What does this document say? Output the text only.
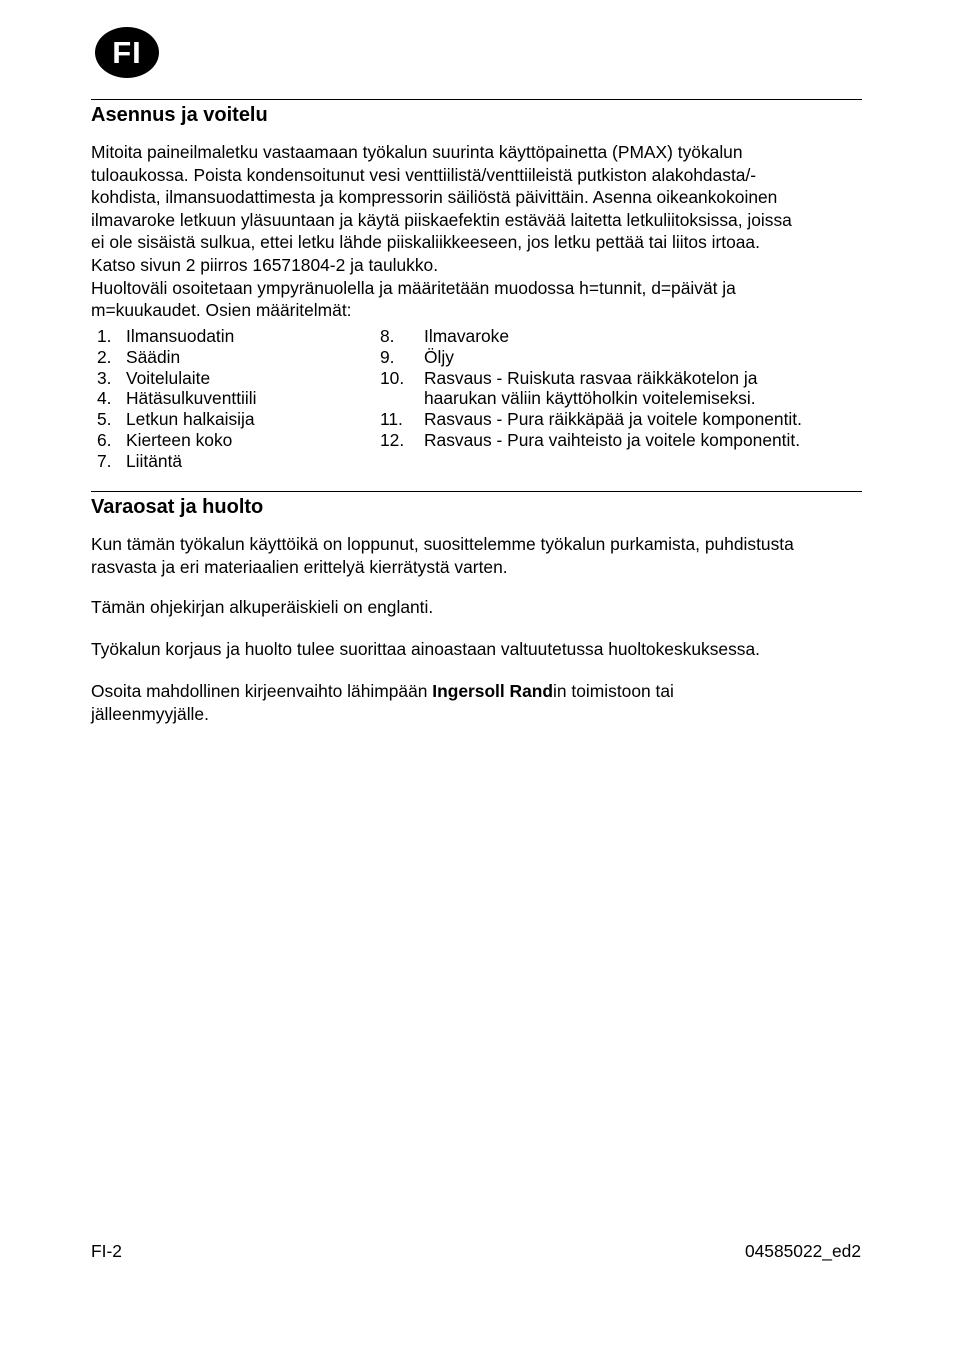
FI
Asennus ja voitelu
Mitoita paineilmaletku vastaamaan työkalun suurinta käyttöpainetta (PMAX) työkalun
tuloaukossa. Poista kondensoitunut vesi venttiilistä/venttiileistä putkiston alakohdasta/-
kohdista, ilmansuodattimesta ja kompressorin säiliöstä päivittäin. Asenna oikeankokoinen
ilmavaroke letkuun yläsuuntaan ja käytä piiskaefektin estävää laitetta letkuliitoksissa, joissa
ei ole sisäistä sulkua, ettei letku lähde piiskaliikkeeseen, jos letku pettää tai liitos irtoaa.
Katso sivun 2 piirros 16571804-2 ja taulukko.
Huoltoväli osoitetaan ympyränuolella ja määritetään muodossa h=tunnit, d=päivät ja
m=kuukaudet. Osien määritelmät:
1. Ilmansuodatin
2. Säädin
3. Voitelulaite
4. Hätäsulkuventtiili
5. Letkun halkaisija
6. Kierteen koko
7. Liitäntä
8.	Ilmavaroke
9.	Öljy
10.	Rasvaus - Ruiskuta rasvaa räikkäkotelon ja
haarukan väliin käyttöholkin voitelemiseksi.
11.	Rasvaus - Pura räikkäpää ja voitele komponentit.
12.	Rasvaus - Pura vaihteisto ja voitele komponentit.
Varaosat ja huolto
Kun tämän työkalun käyttöikä on loppunut, suosittelemme työkalun purkamista, puhdistusta
rasvasta ja eri materiaalien erittelyä kierrätystä varten.
Tämän ohjekirjan alkuperäiskieli on englanti.
Työkalun korjaus ja huolto tulee suorittaa ainoastaan valtuutetussa huoltokeskuksessa.
Osoita mahdollinen kirjeenvaihto lähimpään Ingersoll Randin toimistoon tai
jälleenmyyjälle.
FI-2	04585022_ed2
